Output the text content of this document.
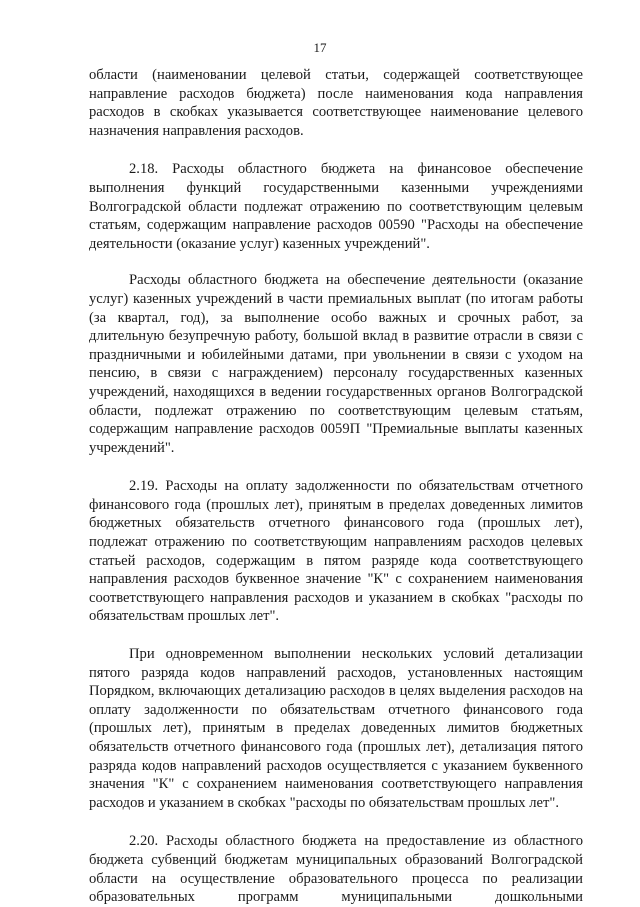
17

области (наименовании целевой статьи, содержащей соответствующее направление расходов бюджета) после наименования кода направления расходов в скобках указывается соответствующее наименование целевого назначения направления расходов.

2.18. Расходы областного бюджета на финансовое обеспечение выполнения функций государственными казенными учреждениями Волгоградской области подлежат отражению по соответствующим целевым статьям, содержащим направление расходов 00590 "Расходы на обеспечение деятельности (оказание услуг) казенных учреждений".

Расходы областного бюджета на обеспечение деятельности (оказание услуг) казенных учреждений в части премиальных выплат (по итогам работы (за квартал, год), за выполнение особо важных и срочных работ, за длительную безупречную работу, большой вклад в развитие отрасли в связи с праздничными и юбилейными датами, при увольнении в связи с уходом на пенсию, в связи с награждением) персоналу государственных казенных учреждений, находящихся в ведении государственных органов Волгоградской области, подлежат отражению по соответствующим целевым статьям, содержащим направление расходов 0059П "Премиальные выплаты казенных учреждений".

2.19. Расходы на оплату задолженности по обязательствам отчетного финансового года (прошлых лет), принятым в пределах доведенных лимитов бюджетных обязательств отчетного финансового года (прошлых лет), подлежат отражению по соответствующим направлениям расходов целевых статьей расходов, содержащим в пятом разряде кода соответствующего направления расходов буквенное значение "К" с сохранением наименования соответствующего направления расходов и указанием в скобках "расходы по обязательствам прошлых лет".

При одновременном выполнении нескольких условий детализации пятого разряда кодов направлений расходов, установленных настоящим Порядком, включающих детализацию расходов в целях выделения расходов на оплату задолженности по обязательствам отчетного финансового года (прошлых лет), принятым в пределах доведенных лимитов бюджетных обязательств отчетного финансового года (прошлых лет), детализация пятого разряда кодов направлений расходов осуществляется с указанием буквенного значения "К" с сохранением наименования соответствующего направления расходов и указанием в скобках "расходы по обязательствам прошлых лет".

2.20. Расходы областного бюджета на предоставление из областного бюджета субвенций бюджетам муниципальных образований Волгоградской области на осуществление образовательного процесса по реализации образовательных программ муниципальными дошкольными
